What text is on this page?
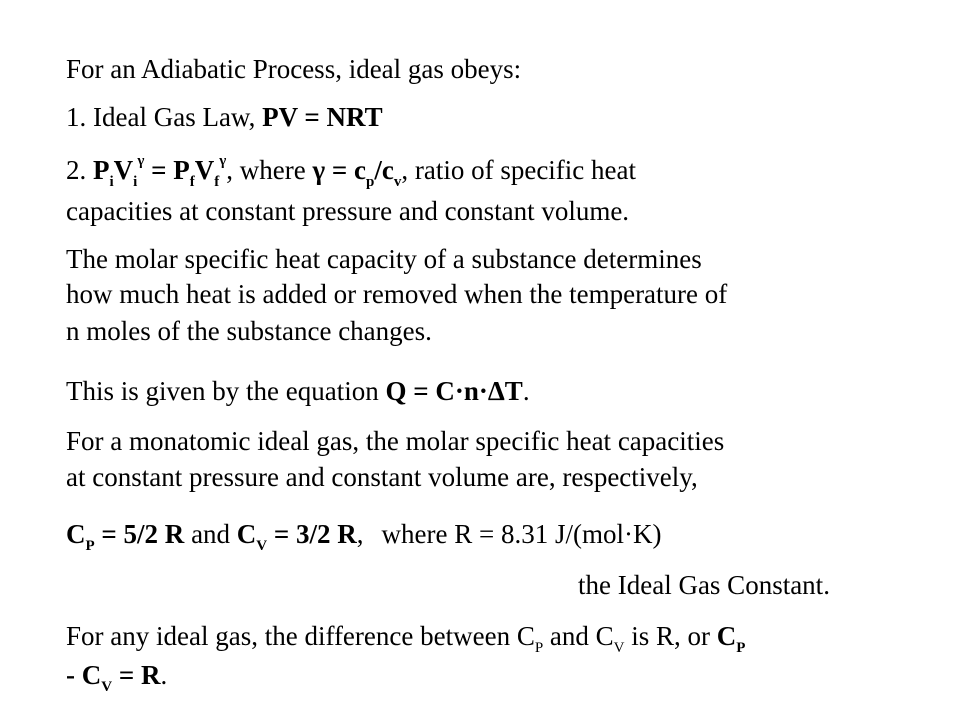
For an Adiabatic Process, ideal gas obeys:

1. Ideal Gas Law, PV = NRT

2. $P_iV_i^\gamma = P_fV_f^\gamma$, where $\gamma = c_p/c_v$, ratio of specific heat

capacities at constant pressure and constant volume.

The molar specific heat capacity of a substance determines

how much heat is added or removed when the temperature of

n moles of the substance changes.

This is given by the equation Q = C·n·ΔT.

For a monatomic ideal gas, the molar specific heat capacities

at constant pressure and constant volume are, respectively,

$C_P = 5/2$ R and $C_V = 3/2$ R, where R = 8.31 J/(mol·K)

the Ideal Gas Constant.

For any ideal gas, the difference between $C_P$ and $C_V$ is R, or $C_P$

- $C_V = R$.
